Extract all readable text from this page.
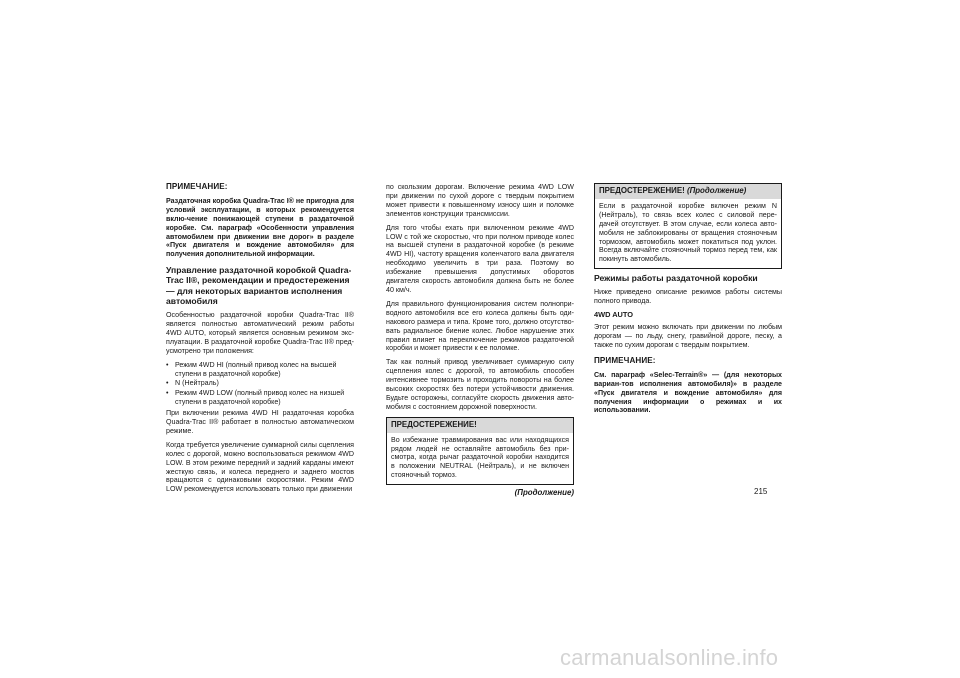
ПРИМЕЧАНИЕ:
Раздаточная коробка Quadra-Trac I® не пригодна для условий эксплуатации, в которых рекомендуется вклю-чение понижающей ступени в раздаточной коробке. См. параграф «Особенности управления автомобилем при движении вне дорог» в разделе «Пуск двигателя и вождение автомобиля» для получения дополнительной информации.
Управление раздаточной коробкой Quadra-Trac II®, рекомендации и предостережения — для некоторых вариантов исполнения автомобиля

Особенностью раздаточной коробки Quadra-Trac II® является полностью автоматический режим работы 4WD AUTO, который является основным режимом экс-плуатации. В раздаточной коробке Quadra-Trac II® пред-усмотрено три положения:

• Режим 4WD HI (полный привод колес на высшей ступени в раздаточной коробке)
• N (Нейтраль)
• Режим 4WD LOW (полный привод колес на низшей ступени в раздаточной коробке)

При включении режима 4WD HI раздаточная коробка Quadra-Trac II® работает в полностью автоматическом режиме.

Когда требуется увеличение суммарной силы сцепления колес с дорогой, можно воспользоваться режимом 4WD LOW. В этом режиме передний и задний карданы имеют жесткую связь, и колеса переднего и заднего мостов вращаются с одинаковыми скоростями. Режим 4WD LOW рекомендуется использовать только при движении

по скользким дорогам. Включение режима 4WD LOW при движении по сухой дороге с твердым покрытием может привести к повышенному износу шин и поломке элементов конструкции трансмиссии.

Для того чтобы ехать при включенном режиме 4WD LOW с той же скоростью, что при полном приводе колес на высшей ступени в раздаточной коробке (в режиме 4WD HI), частоту вращения коленчатого вала двигателя необходимо увеличить в три раза. Поэтому во избежание превышения допустимых оборотов двигателя скорость автомобиля должна быть не более 40 км/ч.

Для правильного функционирования систем полнопри-водного автомобиля все его колеса должны быть оди-накового размера и типа. Кроме того, должно отсутство-вать радиальное биение колес. Любое нарушение этих правил влияет на переключение режимов раздаточной коробки и может привести к ее поломке.

Так как полный привод увеличивает суммарную силу сцепления колес с дорогой, то автомобиль способен интенсивнее тормозить и проходить повороты на более высоких скоростях без потери устойчивости движения. Будьте осторожны, согласуйте скорость движения авто-мобиля с состоянием дорожной поверхности.

ПРЕДОСТЕРЕЖЕНИЕ!
Во избежание травмирования вас или находящихся рядом людей не оставляйте автомобиль без при-смотра, когда рычаг раздаточной коробки находится в положении NEUTRAL (Нейтраль), и не включен стояночный тормоз.
(Продолжение)
ПРЕДОСТЕРЕЖЕНИЕ! (Продолжение)
Если в раздаточной коробке включен режим N (Нейтраль), то связь всех колес с силовой пере-дачей отсутствует. В этом случае, если колеса авто-мобиля не заблокированы от вращения стояночным тормозом, автомобиль может покатиться под уклон. Всегда включайте стояночный тормоз перед тем, как покинуть автомобиль.
Режимы работы раздаточной коробки

Ниже приведено описание режимов работы системы полного привода.

4WD AUTO

Этот режим можно включать при движении по любым дорогам — по льду, снегу, гравийной дороге, песку, а также по сухим дорогам с твердым покрытием.

ПРИМЕЧАНИЕ:
См. параграф «Selec-Terrain®» — (для некоторых вариан-тов исполнения автомобиля)» в разделе «Пуск двигателя и вождение автомобиля» для получения информации о режимах и их использовании.
215
carmanualsonline.info
